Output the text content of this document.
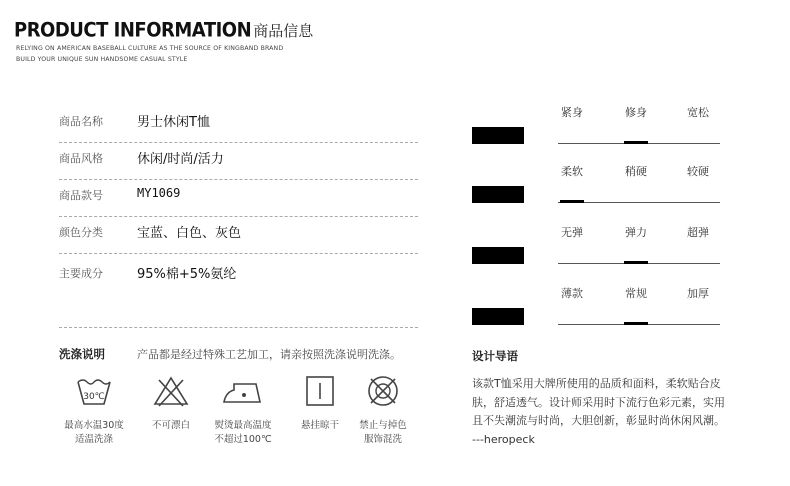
PRODUCT INFORMATION 商品信息
RELYING ON AMERICAN BASEBALL CULTURE AS THE SOURCE OF KINGBAND BRAND
BUILD YOUR UNIQUE SUN HANDSOME CASUAL STYLE
商品名称	男士休闲T恤
商品风格	休闲/时尚/活力
商品款号	MY1069
颜色分类	宝蓝、白色、灰色
主要成分	95%棉+5%氨纶
洗涤说明	产品都是经过特殊工艺加工，请亲按照洗涤说明洗涤。
30℃
最高水温30度
适温洗涤
不可漂白	熨烫最高温度
不超过100℃
悬挂晾干	禁止与掉色
服饰混洗
紧身	修身	宽松
柔软	稍硬	较硬
无弹	弹力	超弹
薄款	常规	加厚
设计导语
该款T恤采用大牌所使用的品质和面料，柔软贴合皮肤，舒适透气。设计师采用时下流行色彩元素，实用且不失潮流与时尚，大胆创新，彰显时尚休闲风潮。 ---heropeck
